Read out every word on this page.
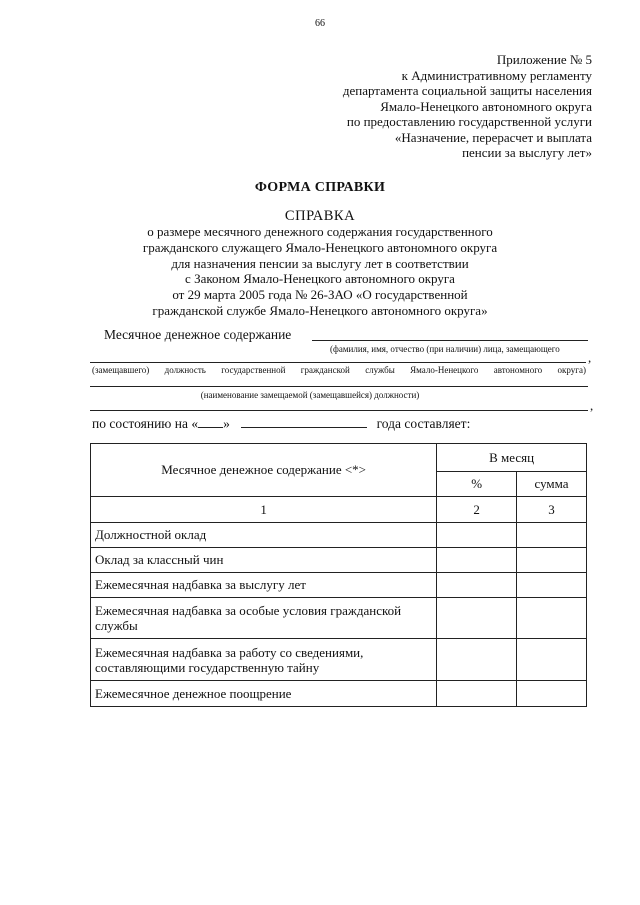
66
Приложение № 5
к Административному регламенту
департамента социальной защиты населения
Ямало-Ненецкого автономного округа
по предоставлению государственной услуги
«Назначение, перерасчет и выплата
пенсии за выслугу лет»
ФОРМА СПРАВКИ
СПРАВКА
о размере месячного денежного содержания государственного
гражданского служащего Ямало-Ненецкого автономного округа
для назначения пенсии за выслугу лет в соответствии
с Законом Ямало-Ненецкого автономного округа
от 29 марта 2005 года № 26-ЗАО «О государственной
гражданской службе Ямало-Ненецкого автономного округа»
Месячное денежное содержание
(фамилия, имя, отчество (при наличии) лица, замещающего
,
(замещавшего) должность государственной гражданской службы Ямало-Ненецкого автономного округа)
(наименование замещаемой (замещавшейся) должности)
,
по состоянию на « »	года составляет:
Месячное денежное содержание <*>	В месяц	
	%	сумма
1	2	3
Должностной оклад		
Оклад за классный чин		
Ежемесячная надбавка за выслугу лет		
Ежемесячная надбавка за особые условия гражданской службы		
Ежемесячная надбавка за работу со сведениями, составляющими государственную тайну		
Ежемесячное денежное поощрение		
